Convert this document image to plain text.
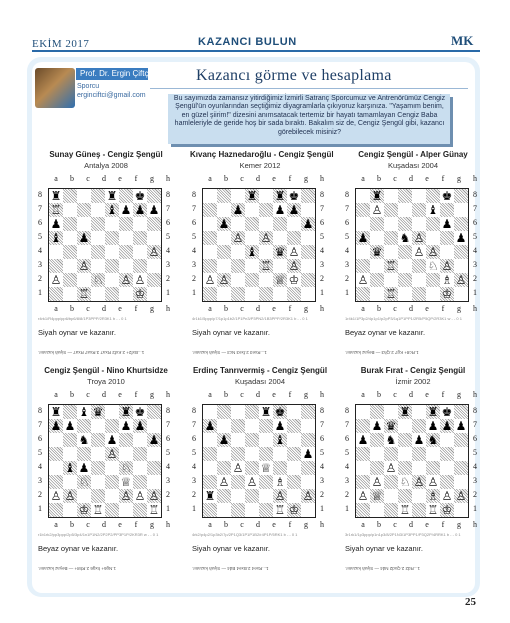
EKİM 2017	KAZANCI BULUN	MK
Prof. Dr. Ergin Çiftçi
Sporcu
erginciftci@gmail.com
Kazancı görme ve hesaplama
Bu sayımızda zamansız yitirdiğimiz İzmirli Satranç Sporcumuz ve Antrenörümüz Cengiz Şengül'ün oyunlarından seçtiğimiz diyagramlarla çıkıyoruz karşınıza. "Yaşamım benim, en güzel şiirim!" dizesini anımsatacak tertemiz bir hayatı tamamlayan Cengiz Baba hamleleriyle de geride hoş bir sada bıraktı. Bakalım siz de, Cengiz Şengül gibi, kazancı görebilecek misiniz?
Sunay Güneş - Cengiz Şengül
Antalya 2008
a	b	c	d	e	f	g	h
a	b	c	d	e	f	g	h
8
7
6
5
4
3
2
1
8
7
6
5
4
3
2
1
♜	♜ ♚
♖	♝ ♟ ♟ ♟
♟
♝ ♟
♙
♙
♙	♘ ♙ ♙
♖	♔
r4rk1/R4ppp/pp6/bp6/8/8/1P3PPP/2R3K1 b - - 0 1
Siyah oynar ve kazanır.
1...Bxf2+ 2.Kxf2 Rxa7 3.Rxa7 Rxa7 — Siyah kazanır.
Kıvanç Haznedaroğlu - Cengiz Şengül
Kemer 2012
a	b	c	d	e	f	g	h
a	b	c	d	e	f	g	h
8
7
6
5
4
3
2
1
8
7
6
5
4
3
2
1
♜ ♜ ♚
♟	♟ ♟
♟	♟
♙ ♙
♝ ♛ ♙
♖ ♙
♙ ♙	♕ ♔
4r1k1/5ppp/p7/1p1p1b2/1P1Pn3/P3PN2/1B3PPP/2R3K1 b - - 0 1
Siyah oynar ve kazanır.
1...Rxe3 2.fxe3 Nc3 — Siyah kazanır.
Cengiz Şengül - Alper Günay
Kuşadası 2004
a	b	c	d	e	f	g	h
a	b	c	d	e	f	g	h
8
7
6
5
4
3
2
1
8
7
6
5
4
3
2
1
♜	♚
♙	♝
♟
♟	♞ ♙	♟
♛	♙ ♙
♖	♘ ♙
♙	♗ ♙
♖	♔
1r4k1/1P3p2/4p1p1/p2pP3/1q1P1PP1/2R5/P5QP/2R3K1 w - - 0 1
Beyaz oynar ve kazanır.
1.Rc8+ Kg7 2.Qh3 — Beyaz kazanır.
Cengiz Şengül - Nino Khurtsidze
Troya 2010
a	b	c	d	e	f	g	h
a	b	c	d	e	f	g	h
8
7
6
5
4
3
2
1
8
7
6
5
4
3
2
1
♜ ♝ ♛ ♜ ♚
♟ ♟	♟ ♟
♞ ♟	♟
♙
♝ ♟	♘
♘	♕
♙ ♙	♙ ♙ ♙
♔ ♖	♖
r1b1rk2/pp3ppp/2p5/3p4/1n1P1N2/2P2P2/PP3P1P/2KR3R w - - 0 1
Beyaz oynar ve kazanır.
1.Ng6+ hxg6 2.Rh8+ — Beyaz kazanır.
Erdinç Tanrıvermiş - Cengiz Şengül
Kuşadası 2004
a	b	c	d	e	f	g	h
a	b	c	d	e	f	g	h
8
7
6
5
4
3
2
1
8
7
6
5
4
3
2
1
♜ ♚
♟	♟
♟	♝
♟
♙ ♕
♙ ♙ ♗
♜	♙ ♙
♖ ♔
4rk2/p4p2/1p3b2/7p/2P1Q3/1P1P1B2/r4P1P/5RK1 b - - 0 1
Siyah oynar ve kazanır.
1...Rxe4 2.Bxe4 Bd4 — Siyah kazanır.
Burak Fırat - Cengiz Şengül
İzmir 2002
a	b	c	d	e	f	g	h
a	b	c	d	e	f	g	h
8
7
6
5
4
3
2
1
8
7
6
5
4
3
2
1
♜ ♜ ♚
♟ ♛	♟ ♟ ♟
♟ ♞ ♟ ♞
♙
♙ ♘ ♙ ♙
♙ ♕	♗ ♙ ♙
♖ ♖ ♔
3r1rk1/1p3ppp/p1n1p3/8/2P1N3/1P3PP1/P3Q2P/4RRK1 b - - 0 1
Siyah oynar ve kazanır.
1...Rd2 2.Qxd2 Nd4 — Siyah kazanır.
25
